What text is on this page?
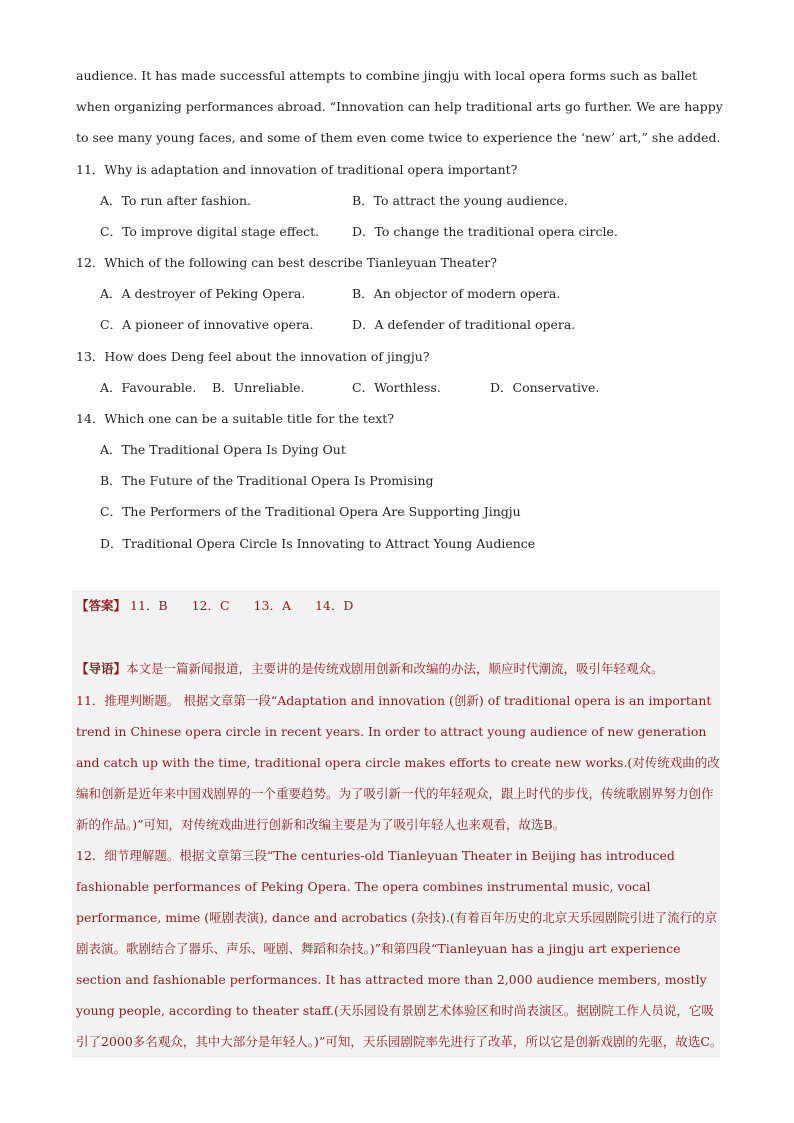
audience. It has made successful attempts to combine jingju with local opera forms such as ballet when organizing performances abroad. “Innovation can help traditional arts go further. We are happy to see many young faces, and some of them even come twice to experience the ‘new’ art,” she added.

11．Why is adaptation and innovation of traditional opera important?
A．To run after fashion.	B．To attract the young audience.
C．To improve digital stage effect.	D．To change the traditional opera circle.
12．Which of the following can best describe Tianleyuan Theater?
A．A destroyer of Peking Opera.	B．An objector of modern opera.
C．A pioneer of innovative opera.	D．A defender of traditional opera.
13．How does Deng feel about the innovation of jingju?
A．Favourable. B．Unreliable.	C．Worthless.	D．Conservative.
14．Which one can be a suitable title for the text?
A．The Traditional Opera Is Dying Out
B．The Future of the Traditional Opera Is Promising
C．The Performers of the Traditional Opera Are Supporting Jingju
D．Traditional Opera Circle Is Innovating to Attract Young Audience
【答案】 11．B 12．C 13．A 14．D
【导语】本文是一篇新闻报道，主要讲的是传统戏剧用创新和改编的办法，顺应时代潮流，吸引年轻观众。

11．推理判断题。 根据文章第一段“Adaptation and innovation (创新) of traditional opera is an important trend in Chinese opera circle in recent years. In order to attract young audience of new generation and catch up with the time, traditional opera circle makes efforts to create new works.(对传统戏曲的改编和创新是近年来中国戏剧界的一个重要趋势。为了吸引新一代的年轻观众，跟上时代的步伐，传统歌剧界努力创作新的作品。)”可知，对传统戏曲进行创新和改编主要是为了吸引年轻人也来观看，故选B。

12．细节理解题。根据文章第三段“The centuries-old Tianleyuan Theater in Beijing has introduced fashionable performances of Peking Opera. The opera combines instrumental music, vocal performance, mime (哑剧表演), dance and acrobatics (杂技).(有着百年历史的北京天乐园剧院引进了流行的京剧表演。歌剧结合了器乐、声乐、哑剧、舞蹈和杂技。)”和第四段“Tianleyuan has a jingju art experience section and fashionable performances. It has attracted more than 2,000 audience members, mostly young people, according to theater staff.(天乐园设有景剧艺术体验区和时尚表演区。据剧院工作人员说，它吸引了2000多名观众，其中大部分是年轻人。)”可知，天乐园剧院率先进行了改革，所以它是创新戏剧的先驱，故选C。
